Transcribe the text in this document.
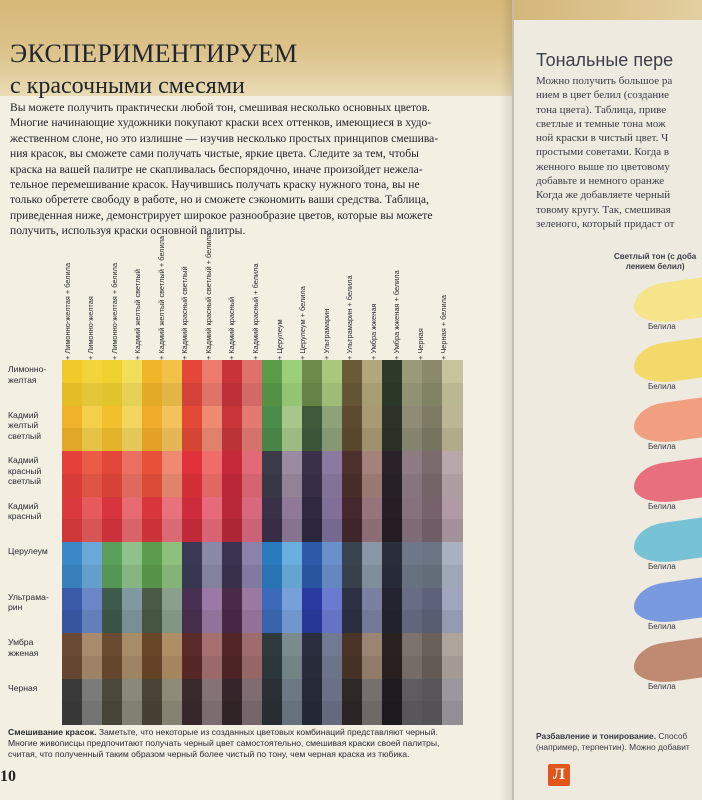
ЭКСПЕРИМЕНТИРУЕМ
с красочными смесями
Вы можете получить практически любой тон, смешивая несколько основных цветов.
Многие начинающие художники покупают краски всех оттенков, имеющиеся в худо-
жественном слоне, но это излишне — изучив несколько простых принципов смешива-
ния красок, вы сможете сами получать чистые, яркие цвета. Следите за тем, чтобы
краска на вашей палитре не скапливалась беспорядочно, иначе произойдет нежела-
тельное перемешивание красок. Научившись получать краску нужного тона, вы не
только обретете свободу в работе, но и сможете сэкономить ваши средства. Таблица,
приведенная ниже, демонстрирует широкое разнообразие цветов, которые вы можете
получить, используя краски основной палитры.
+ Лимонно-желтая + белила + Лимонно-желтая + Лимонно-желтая + белила + Кадмий желтый светлый + Кадмий желтый светлый + белила + Кадмий красный светлый + Кадмий красный светлый + белила + Кадмий красный + Кадмий красный + белила + Церулеум + Церулеум + белила + Ультрамарин + Ультрамарин + белила + Умбра жженая + Умбра жженая + белила + Черная + Черная + белила
Лимонно-
желтая
Кадмий
желтый
светлый
Кадмий
красный
светлый
Кадмий
красный
Церулеум
Ультрама-
рин
Умбра
жженая
Черная
Смешивание красок. Заметьте, что некоторые из созданных цветовых комбинаций представляют черный.
Многие живописцы предпочитают получать черный цвет самостоятельно, смешивая краски своей палитры,
считая, что полученный таким образом черный более чистый по тону, чем черная краска из тюбика.
10
Тональные пере
Можно получить большое ра
нием в цвет белил (создание
тона цвета). Таблица, приве
светлые и темные тона мож
ной краски в чистый цвет. Ч
простыми советами. Когда в
женного выше по цветовому
добавьте и немного оранже
Когда же добавляете черный
товому кругу. Так, смешивая
зеленого, который придаст от
Светлый тон (с доба
лением белил)
Белила
Белила
Белила
Белила
Белила
Белила
Белила
Разбавление и тонирование. Способ
(например, терпентин). Можно добавит
Л
